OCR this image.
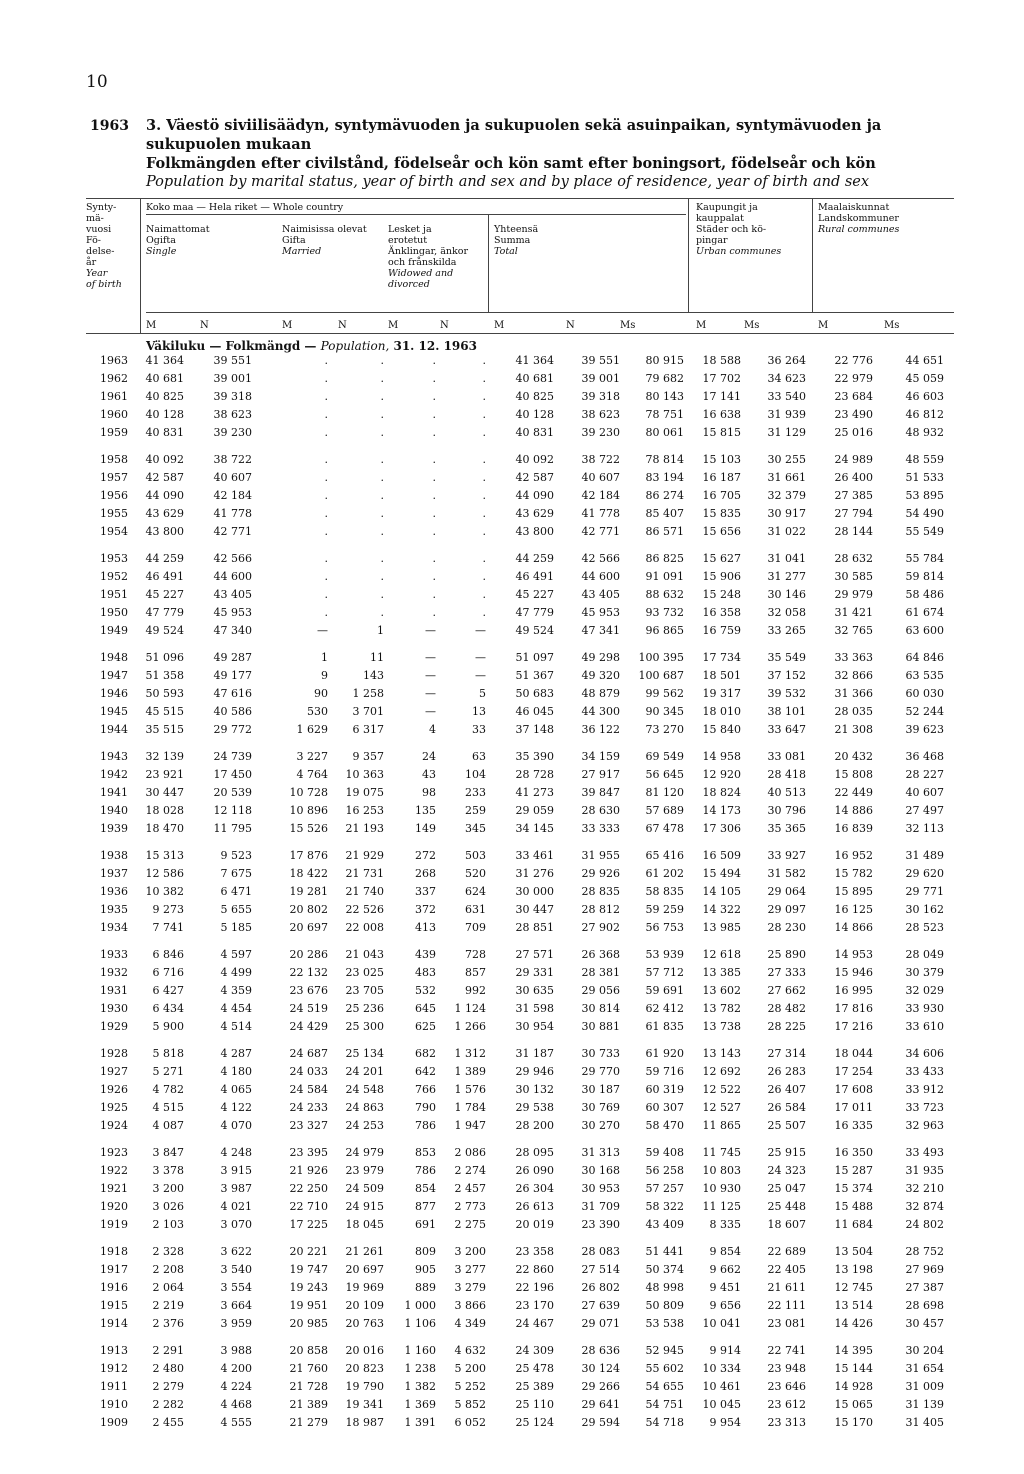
10
1963 3. Väestö siviilisäädyn, syntymävuoden ja sukupuolen sekä asuinpaikan, syntymävuoden ja sukupuolen mukaan
Folkmängden efter civilstånd, födelseår och kön samt efter boningsort, födelseår och kön
Population by marital status, year of birth and sex and by place of residence, year of birth and sex
Synty-
mä-
vuosi
Fö-
delse-
år
Year
of birth
Koko maa — Hela riket — Whole country
Naimattomat
Ogifta
Single
Naimisissa olevat
Gifta
Married
Lesket ja
erotetut
Änklingar, änkor
och frånskilda
Widowed and
divorced
Yhteensä
Summa
Total
Kaupungit ja
kauppalat
Städer och kö-
pingar
Urban communes
Maalaiskunnat
Landskommuner
Rural communes
M	N	M	N	M	N	M	N	Ms	M	Ms	M	Ms
Väkiluku — Folkmängd — Population, 31. 12. 1963
1963	41 364	39 551	.	.	.	.	41 364	39 551	80 915	18 588	36 264	22 776	44 651
1962	40 681	39 001	.	.	.	.	40 681	39 001	79 682	17 702	34 623	22 979	45 059
1961	40 825	39 318	.	.	.	.	40 825	39 318	80 143	17 141	33 540	23 684	46 603
1960	40 128	38 623	.	.	.	.	40 128	38 623	78 751	16 638	31 939	23 490	46 812
1959	40 831	39 230	.	.	.	.	40 831	39 230	80 061	15 815	31 129	25 016	48 932
1958	40 092	38 722	.	.	.	.	40 092	38 722	78 814	15 103	30 255	24 989	48 559
1957	42 587	40 607	.	.	.	.	42 587	40 607	83 194	16 187	31 661	26 400	51 533
1956	44 090	42 184	.	.	.	.	44 090	42 184	86 274	16 705	32 379	27 385	53 895
1955	43 629	41 778	.	.	.	.	43 629	41 778	85 407	15 835	30 917	27 794	54 490
1954	43 800	42 771	.	.	.	.	43 800	42 771	86 571	15 656	31 022	28 144	55 549
1953	44 259	42 566	.	.	.	.	44 259	42 566	86 825	15 627	31 041	28 632	55 784
1952	46 491	44 600	.	.	.	.	46 491	44 600	91 091	15 906	31 277	30 585	59 814
1951	45 227	43 405	.	.	.	.	45 227	43 405	88 632	15 248	30 146	29 979	58 486
1950	47 779	45 953	.	.	.	.	47 779	45 953	93 732	16 358	32 058	31 421	61 674
1949	49 524	47 340	—	1	—	—	49 524	47 341	96 865	16 759	33 265	32 765	63 600
1948	51 096	49 287	1	11	—	—	51 097	49 298	100 395	17 734	35 549	33 363	64 846
1947	51 358	49 177	9	143	—	—	51 367	49 320	100 687	18 501	37 152	32 866	63 535
1946	50 593	47 616	90	1 258	—	5	50 683	48 879	99 562	19 317	39 532	31 366	60 030
1945	45 515	40 586	530	3 701	—	13	46 045	44 300	90 345	18 010	38 101	28 035	52 244
1944	35 515	29 772	1 629	6 317	4	33	37 148	36 122	73 270	15 840	33 647	21 308	39 623
1943	32 139	24 739	3 227	9 357	24	63	35 390	34 159	69 549	14 958	33 081	20 432	36 468
1942	23 921	17 450	4 764	10 363	43	104	28 728	27 917	56 645	12 920	28 418	15 808	28 227
1941	30 447	20 539	10 728	19 075	98	233	41 273	39 847	81 120	18 824	40 513	22 449	40 607
1940	18 028	12 118	10 896	16 253	135	259	29 059	28 630	57 689	14 173	30 796	14 886	27 497
1939	18 470	11 795	15 526	21 193	149	345	34 145	33 333	67 478	17 306	35 365	16 839	32 113
1938	15 313	9 523	17 876	21 929	272	503	33 461	31 955	65 416	16 509	33 927	16 952	31 489
1937	12 586	7 675	18 422	21 731	268	520	31 276	29 926	61 202	15 494	31 582	15 782	29 620
1936	10 382	6 471	19 281	21 740	337	624	30 000	28 835	58 835	14 105	29 064	15 895	29 771
1935	9 273	5 655	20 802	22 526	372	631	30 447	28 812	59 259	14 322	29 097	16 125	30 162
1934	7 741	5 185	20 697	22 008	413	709	28 851	27 902	56 753	13 985	28 230	14 866	28 523
1933	6 846	4 597	20 286	21 043	439	728	27 571	26 368	53 939	12 618	25 890	14 953	28 049
1932	6 716	4 499	22 132	23 025	483	857	29 331	28 381	57 712	13 385	27 333	15 946	30 379
1931	6 427	4 359	23 676	23 705	532	992	30 635	29 056	59 691	13 602	27 662	16 995	32 029
1930	6 434	4 454	24 519	25 236	645	1 124	31 598	30 814	62 412	13 782	28 482	17 816	33 930
1929	5 900	4 514	24 429	25 300	625	1 266	30 954	30 881	61 835	13 738	28 225	17 216	33 610
1928	5 818	4 287	24 687	25 134	682	1 312	31 187	30 733	61 920	13 143	27 314	18 044	34 606
1927	5 271	4 180	24 033	24 201	642	1 389	29 946	29 770	59 716	12 692	26 283	17 254	33 433
1926	4 782	4 065	24 584	24 548	766	1 576	30 132	30 187	60 319	12 522	26 407	17 608	33 912
1925	4 515	4 122	24 233	24 863	790	1 784	29 538	30 769	60 307	12 527	26 584	17 011	33 723
1924	4 087	4 070	23 327	24 253	786	1 947	28 200	30 270	58 470	11 865	25 507	16 335	32 963
1923	3 847	4 248	23 395	24 979	853	2 086	28 095	31 313	59 408	11 745	25 915	16 350	33 493
1922	3 378	3 915	21 926	23 979	786	2 274	26 090	30 168	56 258	10 803	24 323	15 287	31 935
1921	3 200	3 987	22 250	24 509	854	2 457	26 304	30 953	57 257	10 930	25 047	15 374	32 210
1920	3 026	4 021	22 710	24 915	877	2 773	26 613	31 709	58 322	11 125	25 448	15 488	32 874
1919	2 103	3 070	17 225	18 045	691	2 275	20 019	23 390	43 409	8 335	18 607	11 684	24 802
1918	2 328	3 622	20 221	21 261	809	3 200	23 358	28 083	51 441	9 854	22 689	13 504	28 752
1917	2 208	3 540	19 747	20 697	905	3 277	22 860	27 514	50 374	9 662	22 405	13 198	27 969
1916	2 064	3 554	19 243	19 969	889	3 279	22 196	26 802	48 998	9 451	21 611	12 745	27 387
1915	2 219	3 664	19 951	20 109	1 000	3 866	23 170	27 639	50 809	9 656	22 111	13 514	28 698
1914	2 376	3 959	20 985	20 763	1 106	4 349	24 467	29 071	53 538	10 041	23 081	14 426	30 457
1913	2 291	3 988	20 858	20 016	1 160	4 632	24 309	28 636	52 945	9 914	22 741	14 395	30 204
1912	2 480	4 200	21 760	20 823	1 238	5 200	25 478	30 124	55 602	10 334	23 948	15 144	31 654
1911	2 279	4 224	21 728	19 790	1 382	5 252	25 389	29 266	54 655	10 461	23 646	14 928	31 009
1910	2 282	4 468	21 389	19 341	1 369	5 852	25 110	29 641	54 751	10 045	23 612	15 065	31 139
1909	2 455	4 555	21 279	18 987	1 391	6 052	25 124	29 594	54 718	9 954	23 313	15 170	31 405
